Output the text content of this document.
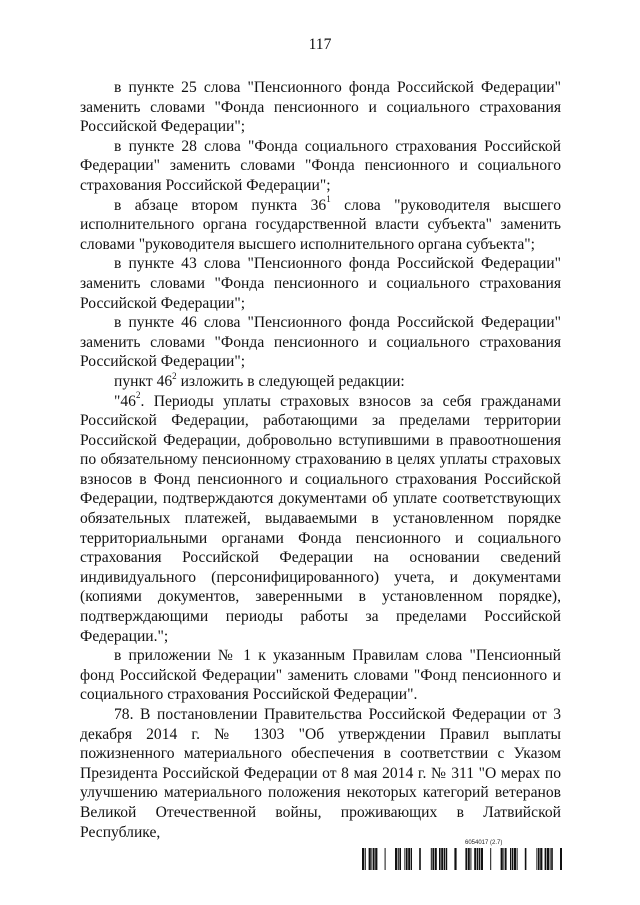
117

в пункте 25 слова "Пенсионного фонда Российской Федерации" заменить словами "Фонда пенсионного и социального страхования Российской Федерации";

в пункте 28 слова "Фонда социального страхования Российской Федерации" заменить словами "Фонда пенсионного и социального страхования Российской Федерации";

в абзаце втором пункта $36^1$ слова "руководителя высшего исполнительного органа государственной власти субъекта" заменить словами "руководителя высшего исполнительного органа субъекта";

в пункте 43 слова "Пенсионного фонда Российской Федерации" заменить словами "Фонда пенсионного и социального страхования Российской Федерации";

в пункте 46 слова "Пенсионного фонда Российской Федерации" заменить словами "Фонда пенсионного и социального страхования Российской Федерации";

пункт $46^2$ изложить в следующей редакции:

"$46^2$. Периоды уплаты страховых взносов за себя гражданами Российской Федерации, работающими за пределами территории Российской Федерации, добровольно вступившими в правоотношения по обязательному пенсионному страхованию в целях уплаты страховых взносов в Фонд пенсионного и социального страхования Российской Федерации, подтверждаются документами об уплате соответствующих обязательных платежей, выдаваемыми в установленном порядке территориальными органами Фонда пенсионного и социального страхования Российской Федерации на основании сведений индивидуального (персонифицированного) учета, и документами (копиями документов, заверенными в установленном порядке), подтверждающими периоды работы за пределами Российской Федерации.";

в приложении № 1 к указанным Правилам слова "Пенсионный фонд Российской Федерации" заменить словами "Фонд пенсионного и социального страхования Российской Федерации".

78. В постановлении Правительства Российской Федерации от 3 декабря 2014 г. № 1303 "Об утверждении Правил выплаты пожизненного материального обеспечения в соответствии с Указом Президента Российской Федерации от 8 мая 2014 г. № 311 "О мерах по улучшению материального положения некоторых категорий ветеранов Великой Отечественной войны, проживающих в Латвийской Республике,

6054017 (2.7)
